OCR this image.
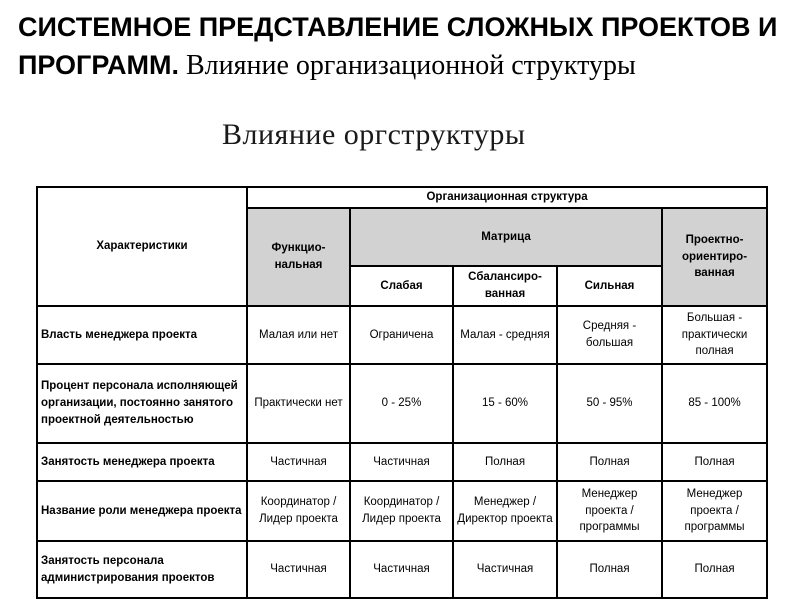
СИСТЕМНОЕ ПРЕДСТАВЛЕНИЕ СЛОЖНЫХ ПРОЕКТОВ И ПРОГРАММ. Влияние организационной структуры
Влияние оргструктуры
Характеристики	Организационная структура				
	Функцио-нальная	Матрица			Проектно-ориентиро-ванная
		Слабая	Сбалансиро-ванная	Сильная	
Власть менеджера проекта	Малая или нет	Ограничена	Малая - средняя	Средняя - большая	Большая - практически полная
Процент персонала исполняющей организации, постоянно занятого проектной деятельностью	Практически нет	0 - 25%	15 - 60%	50 - 95%	85 - 100%
Занятость менеджера проекта	Частичная	Частичная	Полная	Полная	Полная
Название роли менеджера проекта	Координатор / Лидер проекта	Координатор / Лидер проекта	Менеджер / Директор проекта	Менеджер проекта / программы	Менеджер проекта / программы
Занятость персонала администрирования проектов	Частичная	Частичная	Частичная	Полная	Полная
